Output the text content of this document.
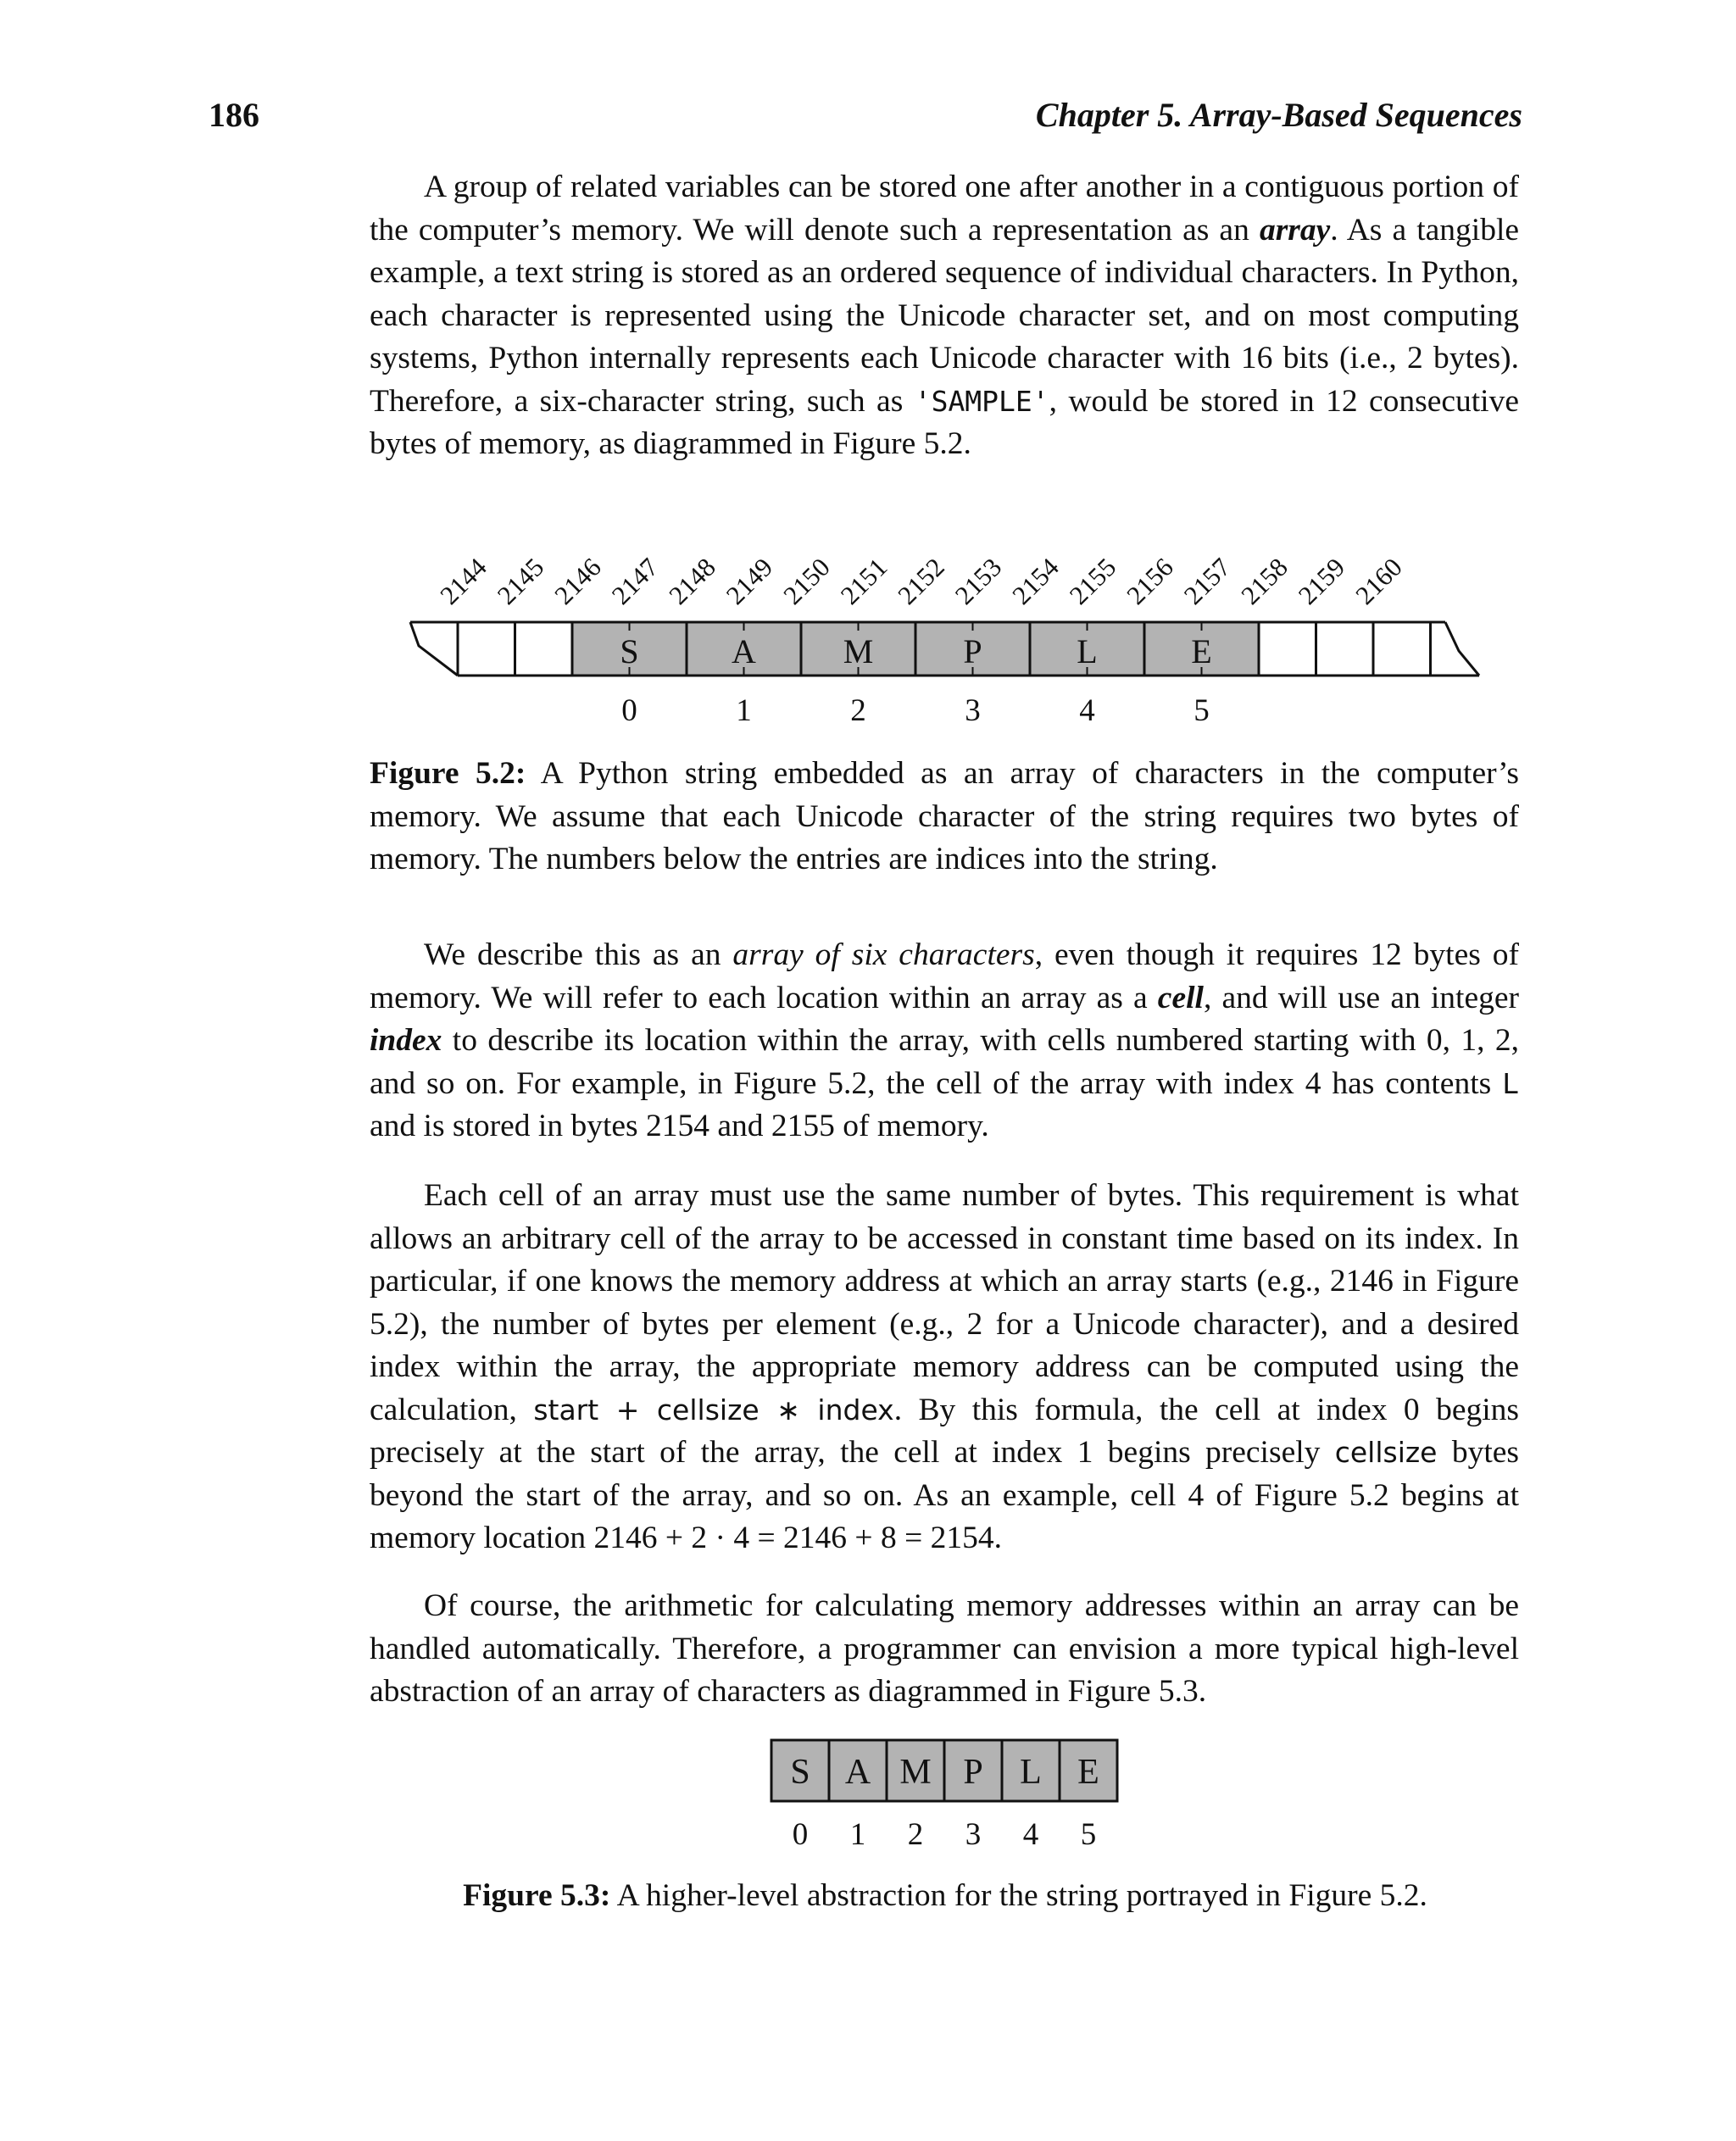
186	Chapter 5. Array-Based Sequences

A group of related variables can be stored one after another in a contiguous portion of the computer’s memory. We will denote such a representation as an array. As a tangible example, a text string is stored as an ordered sequence of individual characters. In Python, each character is represented using the Unicode character set, and on most computing systems, Python internally represents each Unicode character with 16 bits (i.e., 2 bytes). Therefore, a six-character string, such as 'SAMPLE', would be stored in 12 consecutive bytes of memory, as diagrammed in Figure 5.2.

2144
2145
2146
2147
2148
2149
2150
2151
2152
2153
2154
2155
2156
2157
2158
2159
2160
S	A	M	P	L	E
0	1	2	3	4	5
S A M P L E
0 1 2 3 4 5

Figure 5.2: A Python string embedded as an array of characters in the computer’s memory. We assume that each Unicode character of the string requires two bytes of memory. The numbers below the entries are indices into the string.

We describe this as an array of six characters, even though it requires 12 bytes of memory. We will refer to each location within an array as a cell, and will use an integer index to describe its location within the array, with cells numbered starting with 0, 1, 2, and so on. For example, in Figure 5.2, the cell of the array with index 4 has contents L and is stored in bytes 2154 and 2155 of memory.

Each cell of an array must use the same number of bytes. This requirement is what allows an arbitrary cell of the array to be accessed in constant time based on its index. In particular, if one knows the memory address at which an array starts (e.g., 2146 in Figure 5.2), the number of bytes per element (e.g., 2 for a Unicode character), and a desired index within the array, the appropriate memory address can be computed using the calculation, start + cellsize ∗ index. By this formula, the cell at index 0 begins precisely at the start of the array, the cell at index 1 begins precisely cellsize bytes beyond the start of the array, and so on. As an example, cell 4 of Figure 5.2 begins at memory location 2146 + 2 · 4 = 2146 + 8 = 2154.

Of course, the arithmetic for calculating memory addresses within an array can be handled automatically. Therefore, a programmer can envision a more typical high-level abstraction of an array of characters as diagrammed in Figure 5.3.

Figure 5.3: A higher-level abstraction for the string portrayed in Figure 5.2.
